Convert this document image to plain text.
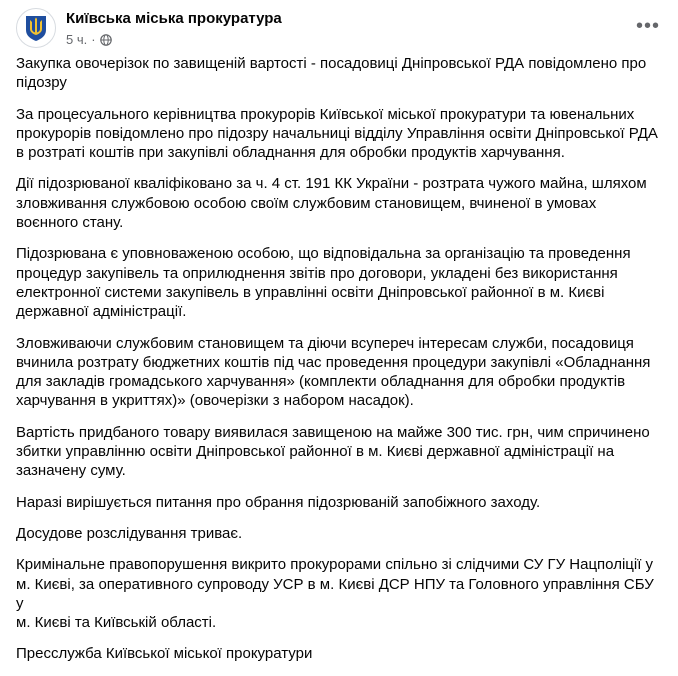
Київська міська прокуратура
5 ч. ·
•••

Закупка овочерізок по завищеній вартості - посадовиці Дніпровської РДА повідомлено про
підозру

За процесуального керівництва прокурорів Київської міської прокуратури та ювенальних
прокурорів повідомлено про підозру начальниці відділу Управління освіти Дніпровської РДА
в розтраті коштів при закупівлі обладнання для обробки продуктів харчування.

Дії підозрюваної кваліфіковано за ч. 4 ст. 191 КК України - розтрата чужого майна, шляхом
зловживання службовою особою своїм службовим становищем, вчиненої в умовах
воєнного стану.

Підозрювана є уповноваженою особою, що відповідальна за організацію та проведення
процедур закупівель та оприлюднення звітів про договори, укладені без використання
електронної системи закупівель в управлінні освіти Дніпровської районної в м. Києві
державної адміністрації.

Зловживаючи службовим становищем та діючи всупереч інтересам служби, посадовиця
вчинила розтрату бюджетних коштів під час проведення процедури закупівлі «Обладнання
для закладів громадського харчування» (комплекти обладнання для обробки продуктів
харчування в укриттях)» (овочерізки з набором насадок).

Вартість придбаного товару виявилася завищеною на майже 300 тис. грн, чим спричинено
збитки управлінню освіти Дніпровської районної в м. Києві державної адміністрації на
зазначену суму.

Наразі вирішується питання про обрання підозрюваній запобіжного заходу.

Досудове розслідування триває.

Кримінальне правопорушення викрито прокурорами спільно зі слідчими СУ ГУ Нацполіції у
м. Києві, за оперативного супроводу УСР в м. Києві ДСР НПУ та Головного управління СБУ у
м. Києві та Київській області.

Пресслужба Київської міської прокуратури
